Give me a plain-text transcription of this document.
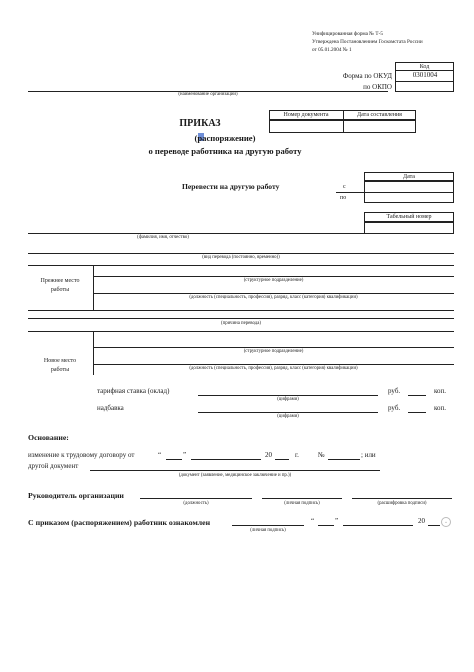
Унифицированная форма № Т-5
Утверждена Постановлением Госкомстата России
от 05.01.2004 № 1
Код
0301004
Форма по ОКУД
по ОКПО
(наименование организации)
Номер документа	Дата составления
ПРИКАЗ
(распоряжение)
о переводе работника на другую работу
Перевести на другую работу
Дата
с
по
Табельный номер
(фамилия, имя, отчество)
(вид перевода (постоянно, временно))
Прежнее место
работы
(структурное подразделение)
(должность (специальность, профессия), разряд, класс (категория) квалификации)
(причина перевода)
Новое место
работы
(структурное подразделение)
(должность (специальность, профессия), разряд, класс (категория) квалификации)
тарифная ставка (оклад)	руб.	коп.
(цифрами)
надбавка	руб.	коп.
(цифрами)
Основание:
изменение к трудовому договору от	“	”	20	г.	№	; или
другой документ
(документ (заявление, медицинское заключение и пр.))
Руководитель организации
(должность)	(личная подпись)	(расшифровка подписи)
С приказом (распоряжением) работник ознакомлен
(личная подпись)
“	”	20	⌄
